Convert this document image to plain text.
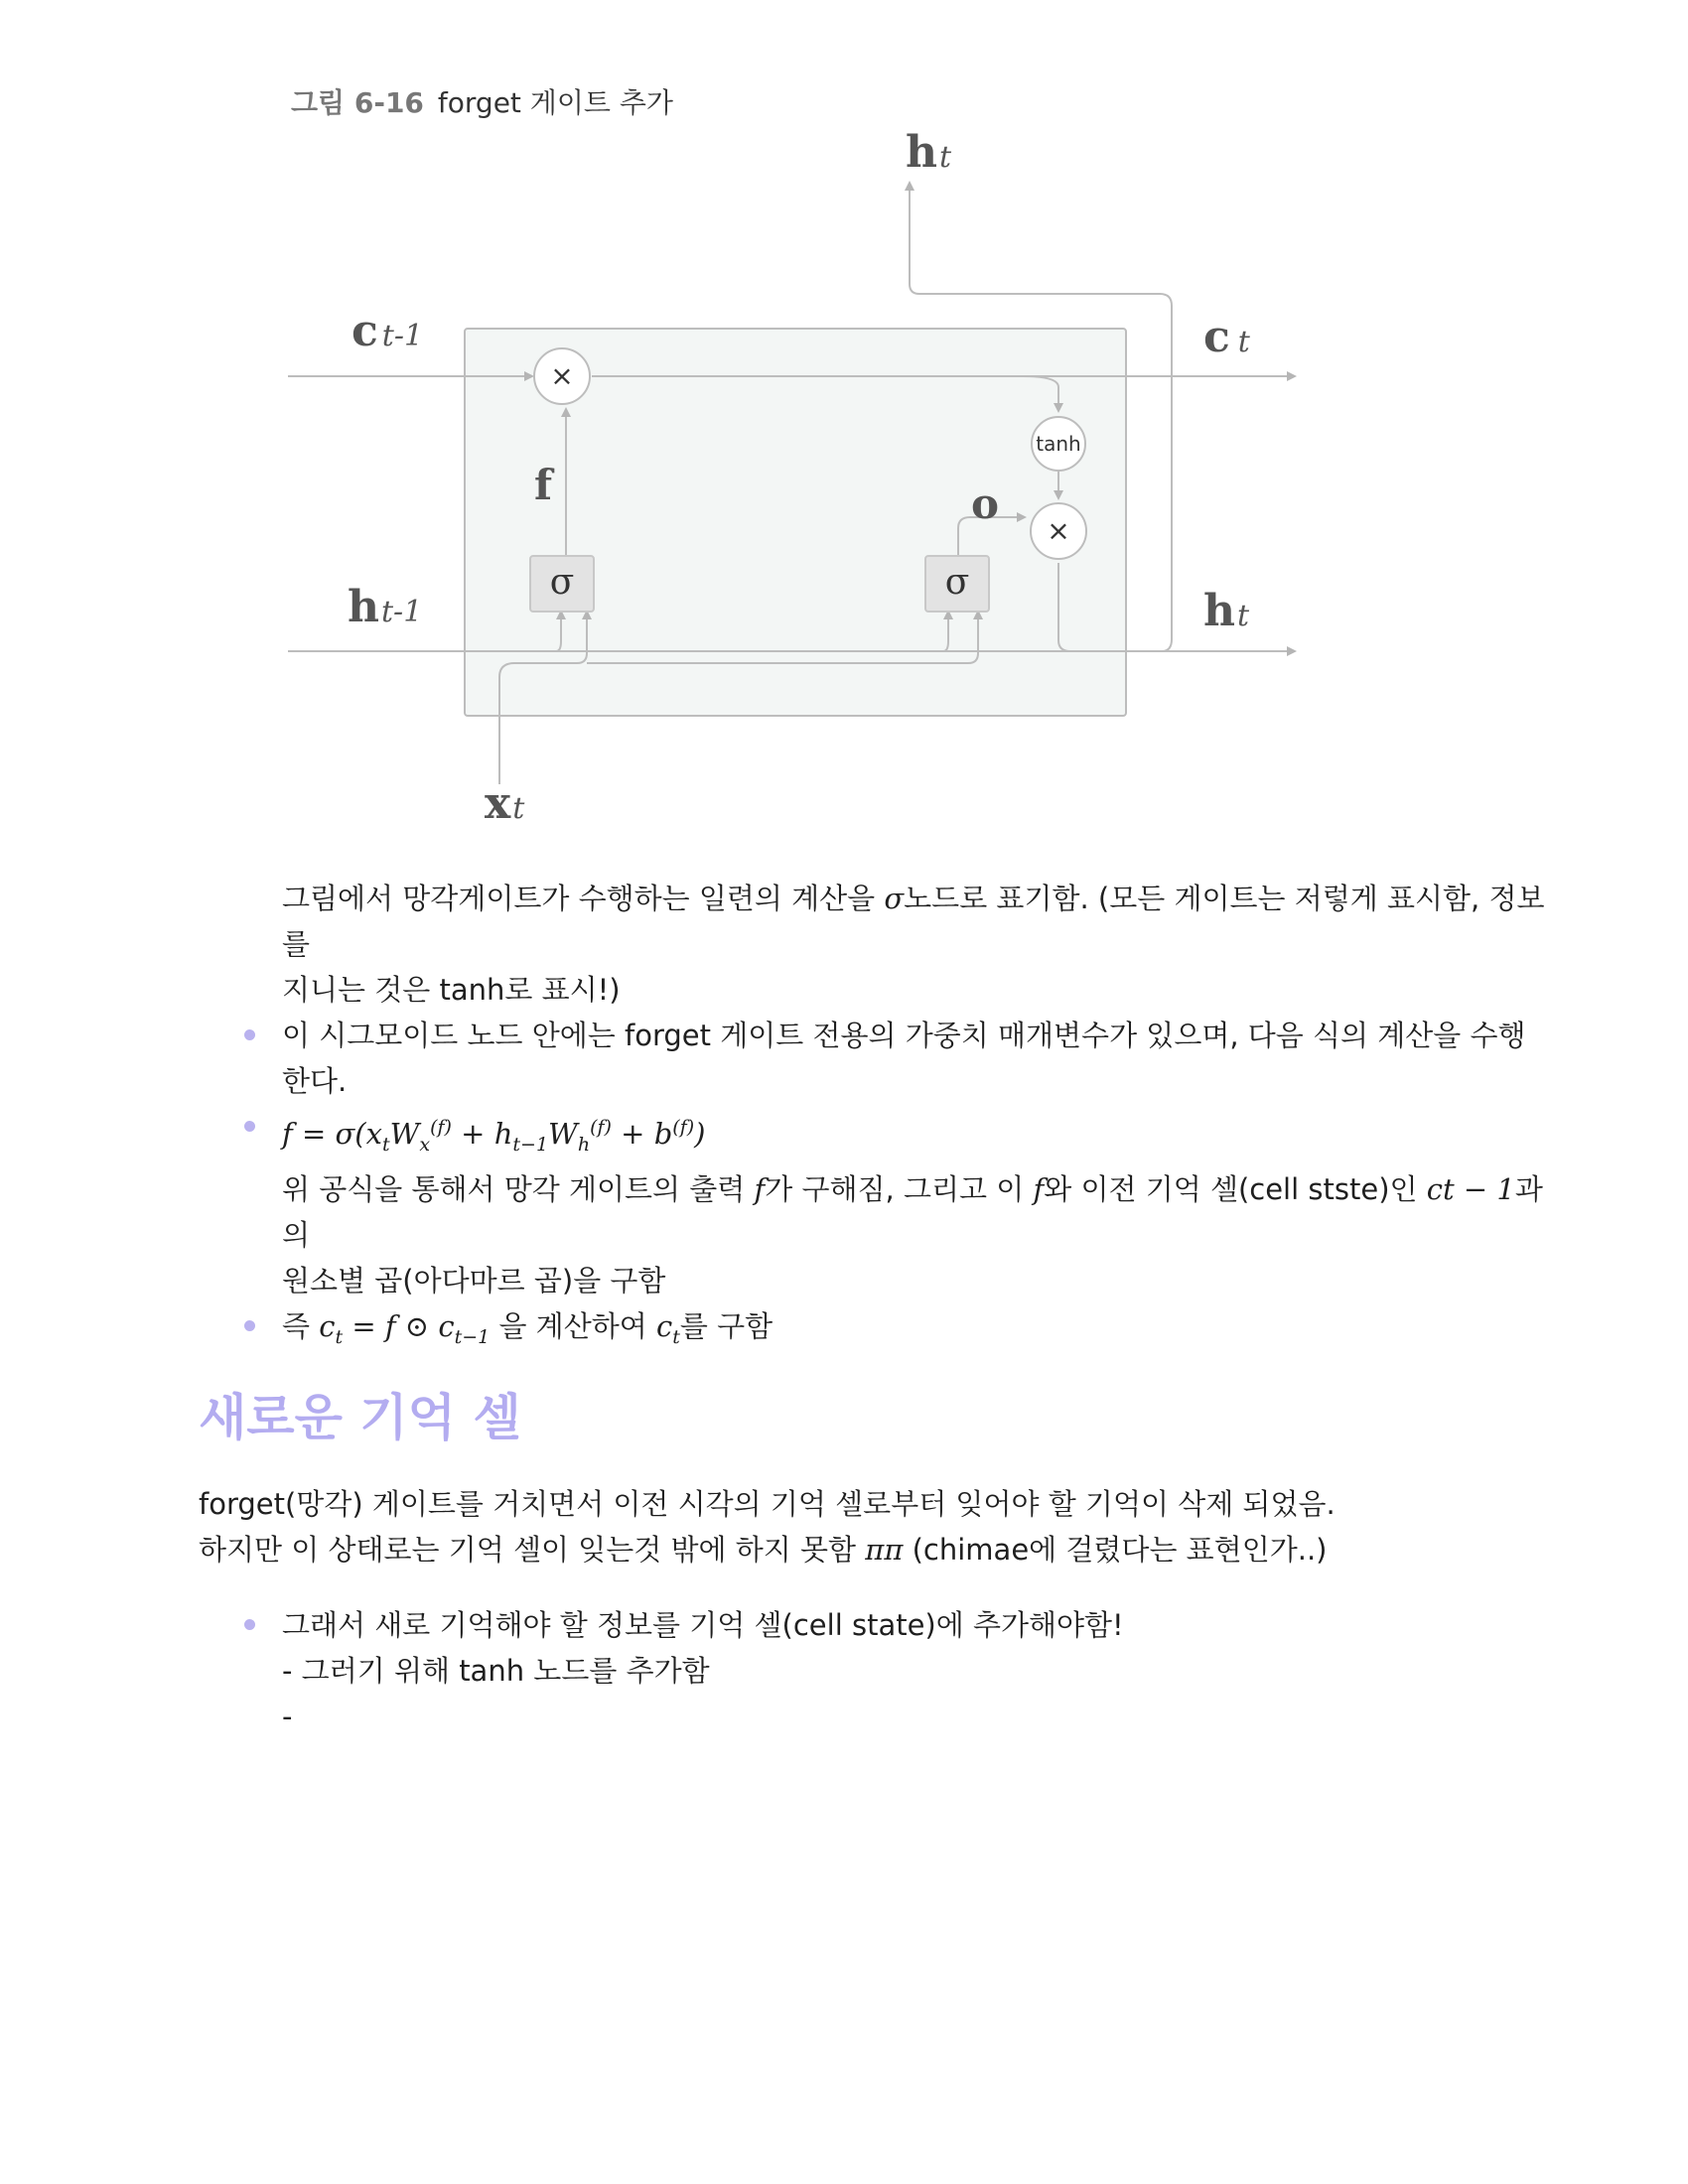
그림 6-16 forget 게이트 추가
×
tanh
×
σ	σ
f	o
c t-1
ht-1
c t
ht
ht
xt
그림에서 망각게이트가 수행하는 일련의 계산을 σ노드로 표기함. (모든 게이트는 저렇게 표시함, 정보를
지니는 것은 tanh로 표시!)
이 시그모이드 노드 안에는 forget 게이트 전용의 가중치 매개변수가 있으며, 다음 식의 계산을 수행한다.
$f = \sigma(x_tW_x^{(f)} + h_{t-1}W_h^{(f)} + b^{(f)})$
위 공식을 통해서 망각 게이트의 출력 f가 구해짐, 그리고 이 f와 이전 기억 셀(cell stste)인 ct − 1과의
원소별 곱(아다마르 곱)을 구함
즉 $c_t = f$ ⊙ $c_{t-1}$ 을 계산하여 $c_t$를 구함
새로운 기억 셀

forget(망각) 게이트를 거치면서 이전 시각의 기억 셀로부터 잊어야 할 기억이 삭제 되었음.

하지만 이 상태로는 기억 셀이 잊는것 밖에 하지 못함 ππ (chimae에 걸렸다는 표현인가..)

그래서 새로 기억해야 할 정보를 기억 셀(cell state)에 추가해야함!
- 그러기 위해 tanh 노드를 추가함
-
